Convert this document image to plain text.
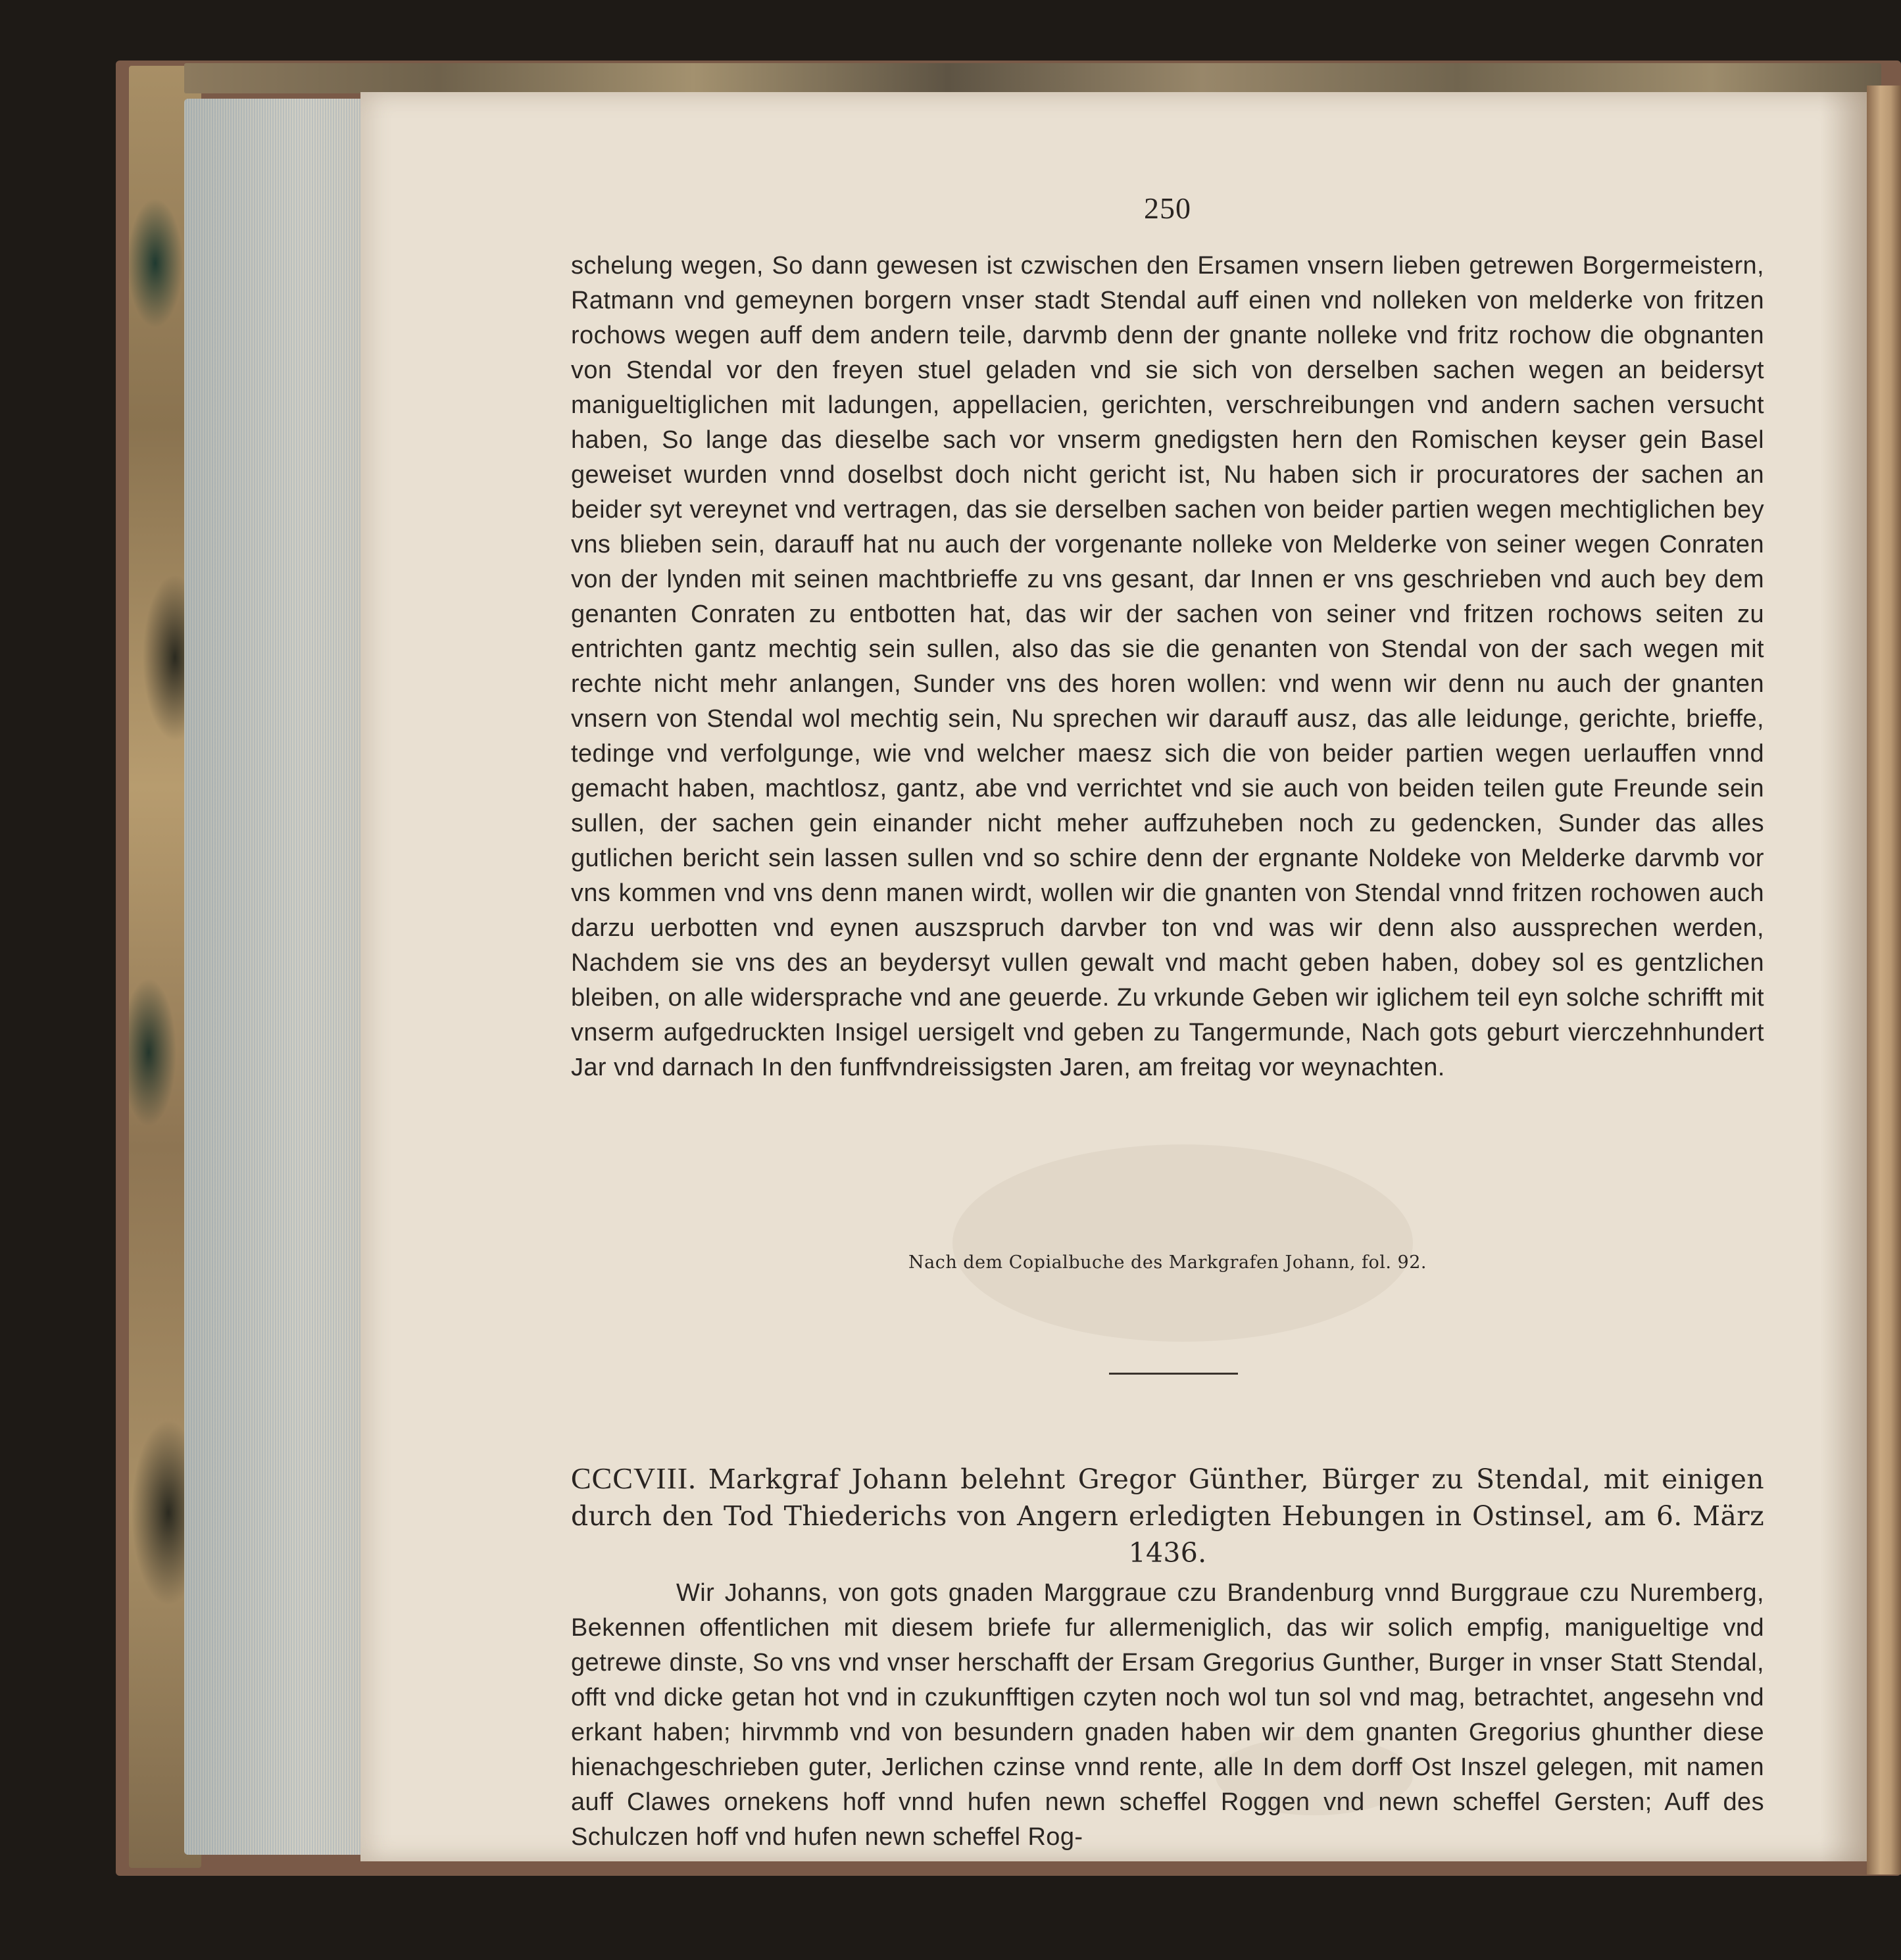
250
schelung wegen, So dann gewesen ist czwischen den Ersamen vnsern lieben getrewen Borgermeistern, Ratmann vnd gemeynen borgern vnser stadt Stendal auff einen vnd nolleken von melderke von fritzen rochows wegen auff dem andern teile, darvmb denn der gnante nolleke vnd fritz rochow die obgnanten von Stendal vor den freyen stuel geladen vnd sie sich von derselben sachen wegen an beidersyt manigueltiglichen mit ladungen, appellacien, gerichten, verschreibungen vnd andern sachen versucht haben, So lange das dieselbe sach vor vnserm gnedigsten hern den Romischen keyser gein Basel geweiset wurden vnnd doselbst doch nicht gericht ist, Nu haben sich ir procuratores der sachen an beider syt vereynet vnd vertragen, das sie derselben sachen von beider partien wegen mechtiglichen bey vns blieben sein, darauff hat nu auch der vorgenante nolleke von Melderke von seiner wegen Conraten von der lynden mit seinen machtbrieffe zu vns gesant, dar Innen er vns geschrieben vnd auch bey dem genanten Conraten zu entbotten hat, das wir der sachen von seiner vnd fritzen rochows seiten zu entrichten gantz mechtig sein sullen, also das sie die genanten von Stendal von der sach wegen mit rechte nicht mehr anlangen, Sunder vns des horen wollen: vnd wenn wir denn nu auch der gnanten vnsern von Stendal wol mechtig sein, Nu sprechen wir darauff ausz, das alle leidunge, gerichte, brieffe, tedinge vnd verfolgunge, wie vnd welcher maesz sich die von beider partien wegen uerlauffen vnnd gemacht haben, machtlosz, gantz, abe vnd verrichtet vnd sie auch von beiden teilen gute Freunde sein sullen, der sachen gein einander nicht meher auffzuheben noch zu gedencken, Sunder das alles gutlichen bericht sein lassen sullen vnd so schire denn der ergnante Noldeke von Melderke darvmb vor vns kommen vnd vns denn manen wirdt, wollen wir die gnanten von Stendal vnnd fritzen rochowen auch darzu uerbotten vnd eynen auszspruch darvber ton vnd was wir denn also aussprechen werden, Nachdem sie vns des an beydersyt vullen gewalt vnd macht geben haben, dobey sol es gentzlichen bleiben, on alle widersprache vnd ane geuerde. Zu vrkunde Geben wir iglichem teil eyn solche schrifft mit vnserm aufgedruckten Insigel uersigelt vnd geben zu Tangermunde, Nach gots geburt vierczehnhundert Jar vnd darnach In den funffvndreissigsten Jaren, am freitag vor weynachten.
Nach dem Copialbuche des Markgrafen Johann, fol. 92.
CCCVIII. Markgraf Johann belehnt Gregor Günther, Bürger zu Stendal, mit einigen durch den Tod Thiederichs von Angern erledigten Hebungen in Ostinsel, am 6. März 1436.
Wir Johanns, von gots gnaden Marggraue czu Brandenburg vnnd Burggraue czu Nuremberg, Bekennen offentlichen mit diesem briefe fur allermeniglich, das wir solich empfig, manigueltige vnd getrewe dinste, So vns vnd vnser herschafft der Ersam Gregorius Gunther, Burger in vnser Statt Stendal, offt vnd dicke getan hot vnd in czukunfftigen czyten noch wol tun sol vnd mag, betrachtet, angesehn vnd erkant haben; hirvmmb vnd von besundern gnaden haben wir dem gnanten Gregorius ghunther diese hienachgeschrieben guter, Jerlichen czinse vnnd rente, alle In dem dorff Ost Inszel gelegen, mit namen auff Clawes ornekens hoff vnnd hufen newn scheffel Roggen vnd newn scheffel Gersten; Auff des Schulczen hoff vnd hufen newn scheffel Rog-
